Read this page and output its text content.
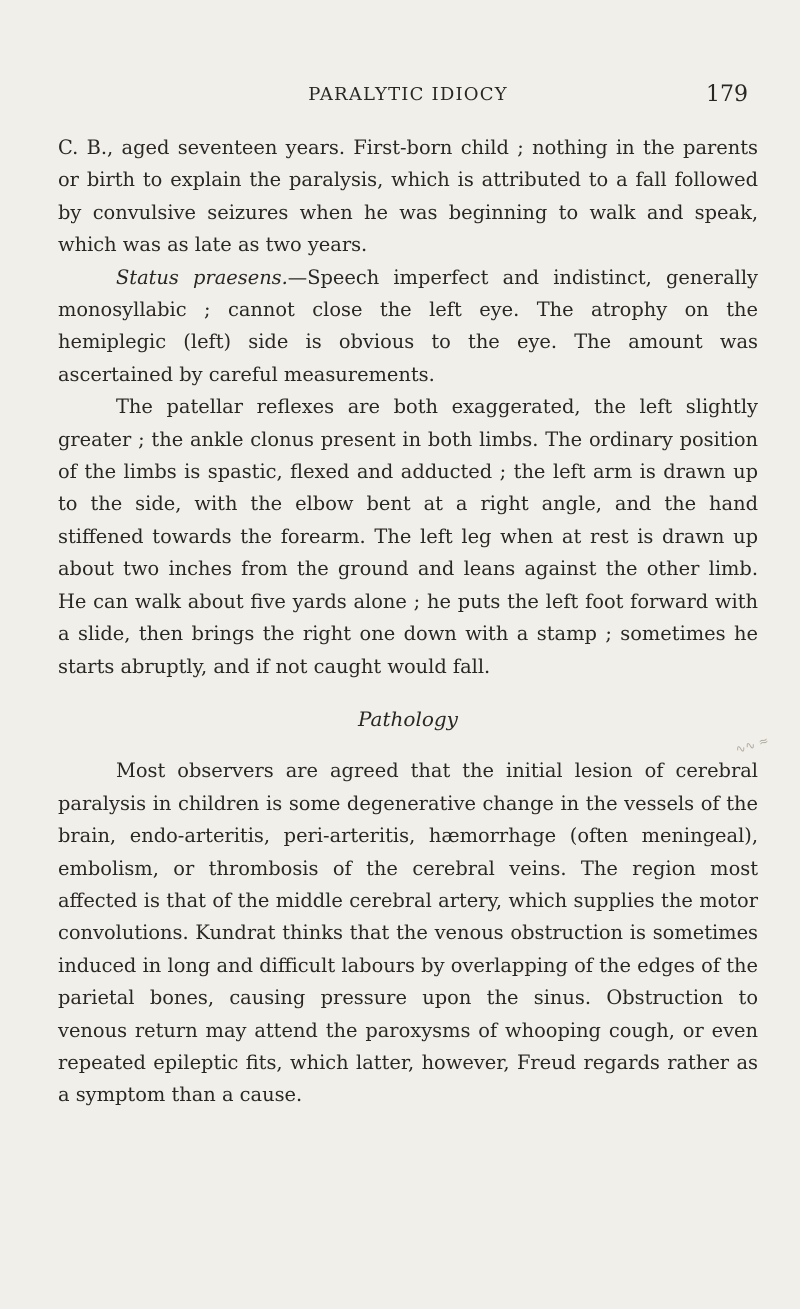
PARALYTIC IDIOCY	179

C. B., aged seventeen years. First-born child ; nothing in the parents or birth to explain the paralysis, which is attributed to a fall followed by convulsive seizures when he was beginning to walk and speak, which was as late as two years.

Status praesens.—Speech imperfect and indistinct, generally monosyllabic ; cannot close the left eye. The atrophy on the hemiplegic (left) side is obvious to the eye. The amount was ascertained by careful measurements.

The patellar reflexes are both exaggerated, the left slightly greater ; the ankle clonus present in both limbs. The ordinary position of the limbs is spastic, flexed and adducted ; the left arm is drawn up to the side, with the elbow bent at a right angle, and the hand stiffened towards the forearm. The left leg when at rest is drawn up about two inches from the ground and leans against the other limb. He can walk about five yards alone ; he puts the left foot forward with a slide, then brings the right one down with a stamp ; sometimes he starts abruptly, and if not caught would fall.

Pathology

Most observers are agreed that the initial lesion of cerebral paralysis in children is some degenerative change in the vessels of the brain, endo-arteritis, peri-arteritis, hæmorrhage (often meningeal), embolism, or thrombosis of the cerebral veins. The region most affected is that of the middle cerebral artery, which supplies the motor convolutions. Kundrat thinks that the venous obstruction is sometimes induced in long and difficult labours by overlapping of the edges of the parietal bones, causing pressure upon the sinus. Obstruction to venous return may attend the paroxysms of whooping cough, or even repeated epileptic fits, which latter, however, Freud regards rather as a symptom than a cause.

∿∿ ≈
